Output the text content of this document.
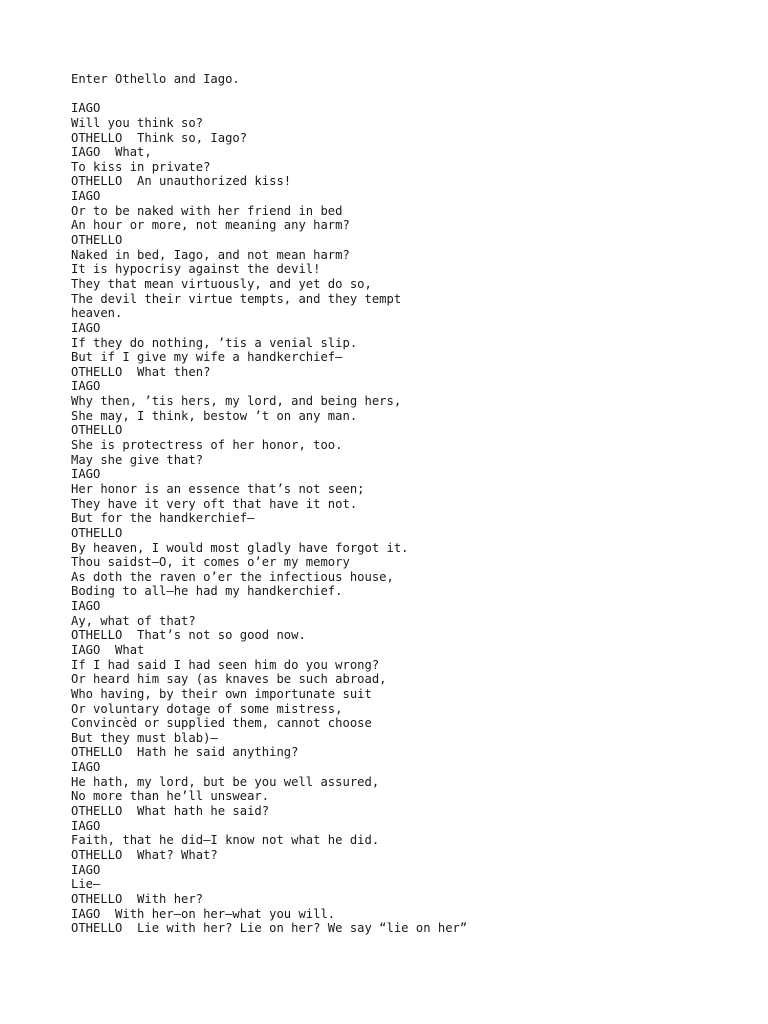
Enter Othello and Iago.
IAGO
Will you think so?
OTHELLO  Think so, Iago?
IAGO  What,
To kiss in private?
OTHELLO  An unauthorized kiss!
IAGO
Or to be naked with her friend in bed
An hour or more, not meaning any harm?
OTHELLO
Naked in bed, Iago, and not mean harm?
It is hypocrisy against the devil!
They that mean virtuously, and yet do so,
The devil their virtue tempts, and they tempt
heaven.
IAGO
If they do nothing, ’tis a venial slip.
But if I give my wife a handkerchief—
OTHELLO  What then?
IAGO
Why then, ’tis hers, my lord, and being hers,
She may, I think, bestow ’t on any man.
OTHELLO
She is protectress of her honor, too.
May she give that?
IAGO
Her honor is an essence that’s not seen;
They have it very oft that have it not.
But for the handkerchief—
OTHELLO
By heaven, I would most gladly have forgot it.
Thou saidst—O, it comes o’er my memory
As doth the raven o’er the infectious house,
Boding to all—he had my handkerchief.
IAGO
Ay, what of that?
OTHELLO  That’s not so good now.
IAGO  What
If I had said I had seen him do you wrong?
Or heard him say (as knaves be such abroad,
Who having, by their own importunate suit
Or voluntary dotage of some mistress,
Convincèd or supplied them, cannot choose
But they must blab)—
OTHELLO  Hath he said anything?
IAGO
He hath, my lord, but be you well assured,
No more than he’ll unswear.
OTHELLO  What hath he said?
IAGO
Faith, that he did—I know not what he did.
OTHELLO  What? What?
IAGO
Lie—
OTHELLO  With her?
IAGO  With her—on her—what you will.
OTHELLO  Lie with her? Lie on her? We say “lie on her”
